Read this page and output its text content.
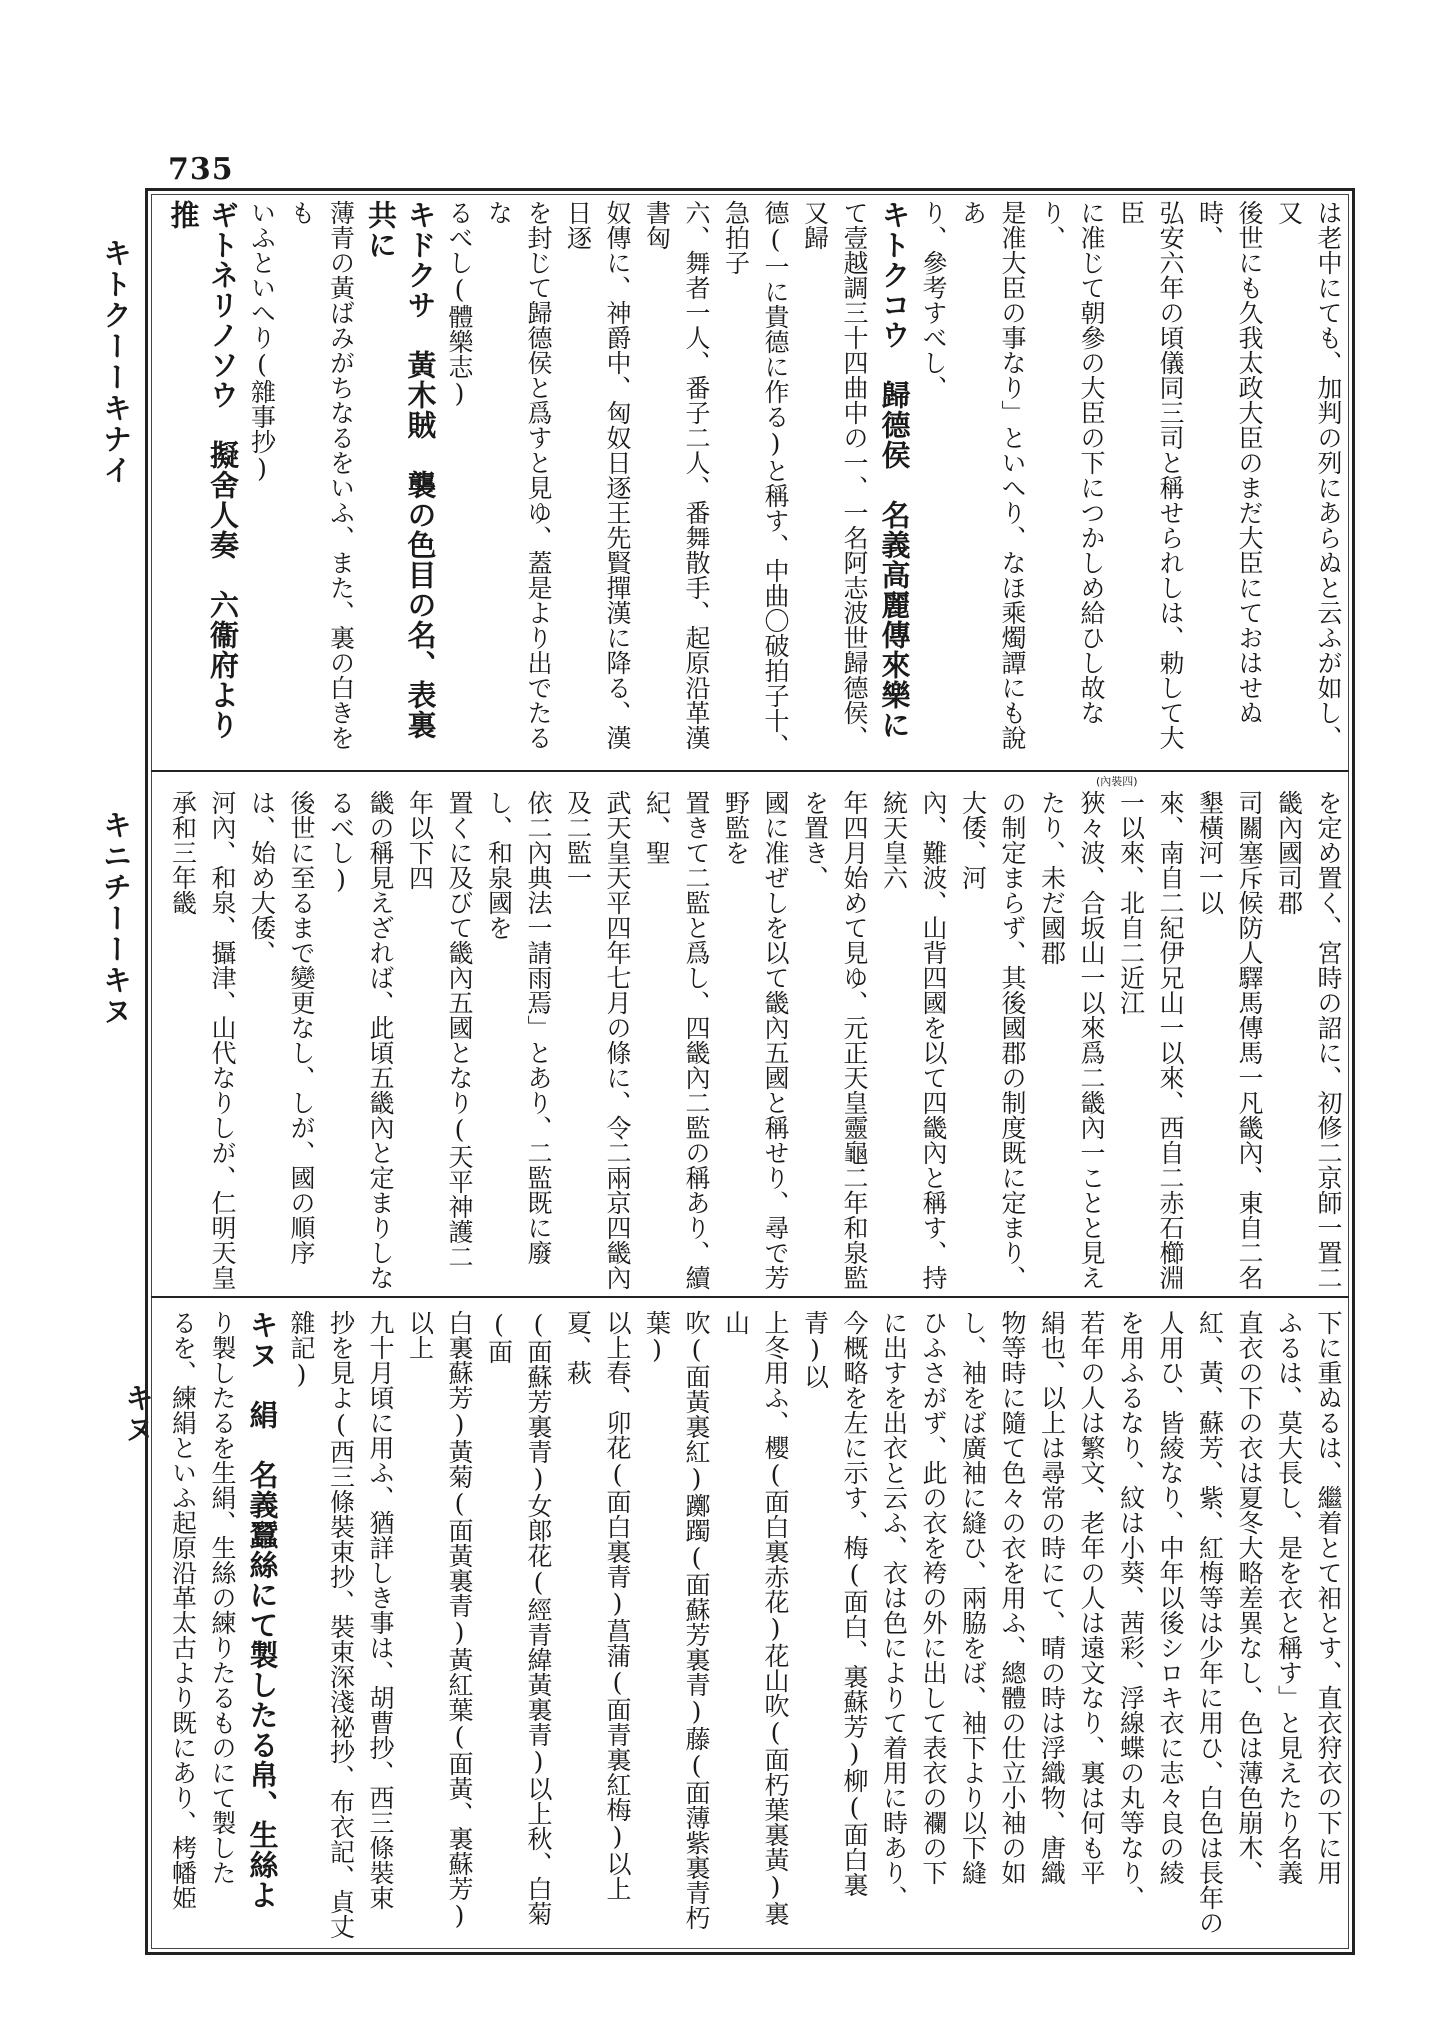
735
キトクーーキナイ
キニチーーキヌ
キヌ
(內裝四)

は老中にても、加判の列にあらぬと云ふが如し、又

後世にも久我太政大臣のまだ大臣にておはせぬ時、

弘安六年の頃儀同三司と稱せられしは、勅して大臣

に准じて朝參の大臣の下につかしめ給ひし故なり、

是准大臣の事なり」といへり、なほ乘燭譚にも說あ

り、參考すべし、

キトクコウ　歸德侯　名義高麗傳來樂に

て壹越調三十四曲中の一、一名阿志波世歸德侯、又歸

德(一に貴德に作る)と稱す、中曲〇破拍子十、急拍子

六、舞者一人、番子二人、番舞散手、起原沿革漢書匈

奴傳に、神爵中、匈奴日逐王先賢撣漢に降る、漢日逐

を封じて歸德侯と爲すと見ゆ、蓋是より出でたるな

るべし(體樂志)

キドクサ　黃木賊　襲の色目の名、表裏共に

薄青の黃ばみがちなるをいふ、また、裏の白きをも

いふといへり(雜事抄)

ギトネリノソウ　擬舍人奏　六衞府より推

を定め置く、宮時の詔に、初修二京師一置二畿內國司郡

司關塞斥候防人驛馬傳馬一凡畿內、東自二名墾橫河一以

來、南自二紀伊兄山一以來、西自二赤石櫛淵一以來、北自二近江

狹々波、合坂山一以來爲二畿內一ことと見えたり、未だ國郡

の制定まらず、其後國郡の制度既に定まり、大倭、河

內、難波、山背四國を以て四畿內と稱す、持統天皇六

年四月始めて見ゆ、元正天皇靈龜二年和泉監を置き、

國に准ぜしを以て畿內五國と稱せり、尋で芳野監を

置きて二監と爲し、四畿內二監の稱あり、續紀、聖

武天皇天平四年七月の條に、令二兩京四畿內及二監一

依二內典法一請雨焉」とあり、二監既に廢し、和泉國を

置くに及びて畿內五國となり(天平神護二年以下四

畿の稱見えざれば、此頃五畿內と定まりしなるべし)

後世に至るまで變更なし、しが、國の順序は、始め大倭、

河內、和泉、攝津、山代なりしが、仁明天皇承和三年畿

下に重ぬるは、繼着とて衵とす、直衣狩衣の下に用

ふるは、莫大長し、是を衣と稱す」と見えたり名義

直衣の下の衣は夏冬大略差異なし、色は薄色崩木、

紅、黃、蘇芳、紫、紅梅等は少年に用ひ、白色は長年の

人用ひ、皆綾なり、中年以後シロキ衣に志々良の綾

を用ふるなり、紋は小葵、茜彩、浮線蝶の丸等なり、

若年の人は繁文、老年の人は遠文なり、裏は何も平

絹也、以上は尋常の時にて、晴の時は浮織物、唐織

物等時に隨て色々の衣を用ふ、總體の仕立小袖の如

し、袖をば廣袖に縫ひ、兩脇をば、袖下より以下縫

ひふさがず、此の衣を袴の外に出して表衣の襴の下

に出すを出衣と云ふ、衣は色によりて着用に時あり、

今概略を左に示す、梅(面白、裏蘇芳)柳(面白裏青)以

上冬用ふ、櫻(面白裏赤花)花山吹(面朽葉裏黃)裏山

吹(面黃裏紅)躑躅(面蘇芳裏青)藤(面薄紫裏青朽葉)

以上春、卯花(面白裏青)菖蒲(面青裏紅梅)以上夏、萩

(面蘇芳裏青)女郞花(經青緯黃裏青)以上秋、白菊(面

白裏蘇芳)黃菊(面黃裏青)黃紅葉(面黃、裏蘇芳)以上

九十月頃に用ふ、猶詳しき事は、胡曹抄、西三條裝束

抄を見よ(西三條裝束抄、裝束深淺祕抄、布衣記、貞丈

雜記)

キヌ　絹　名義蠶絲にて製したる帛、生絲よ

り製したるを生絹、生絲の練りたるものにて製した

るを、練絹といふ起原沿革太古より既にあり、栲幡姫
